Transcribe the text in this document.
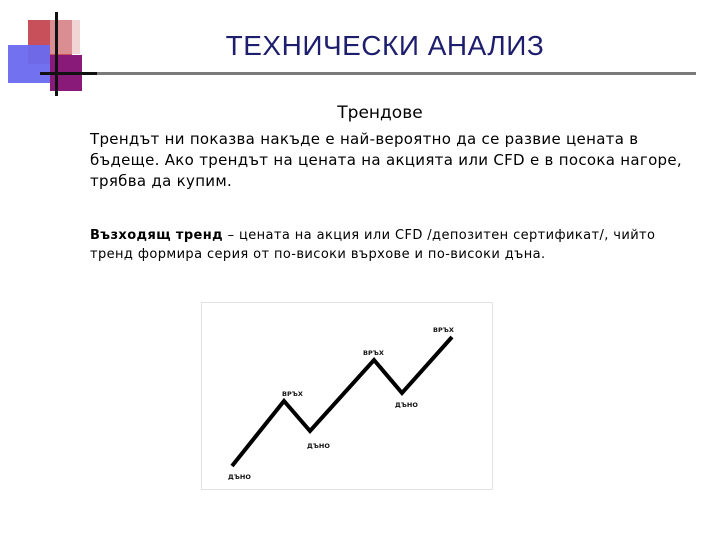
ТЕХНИЧЕСКИ АНАЛИЗ
Трендове
Трендът ни показва накъде е най-вероятно да се развие цената в бъдеще. Ако трендът на цената на акцията или CFD е в посока нагоре, трябва да купим.
Възходящ тренд – цената на акция или CFD /депозитен сертификат/, чийто тренд формира серия от по-високи върхове и по-високи дъна.
ДЪНО
ВРЪХ
ДЪНО
ВРЪХ
ДЪНО
ВРЪХ
